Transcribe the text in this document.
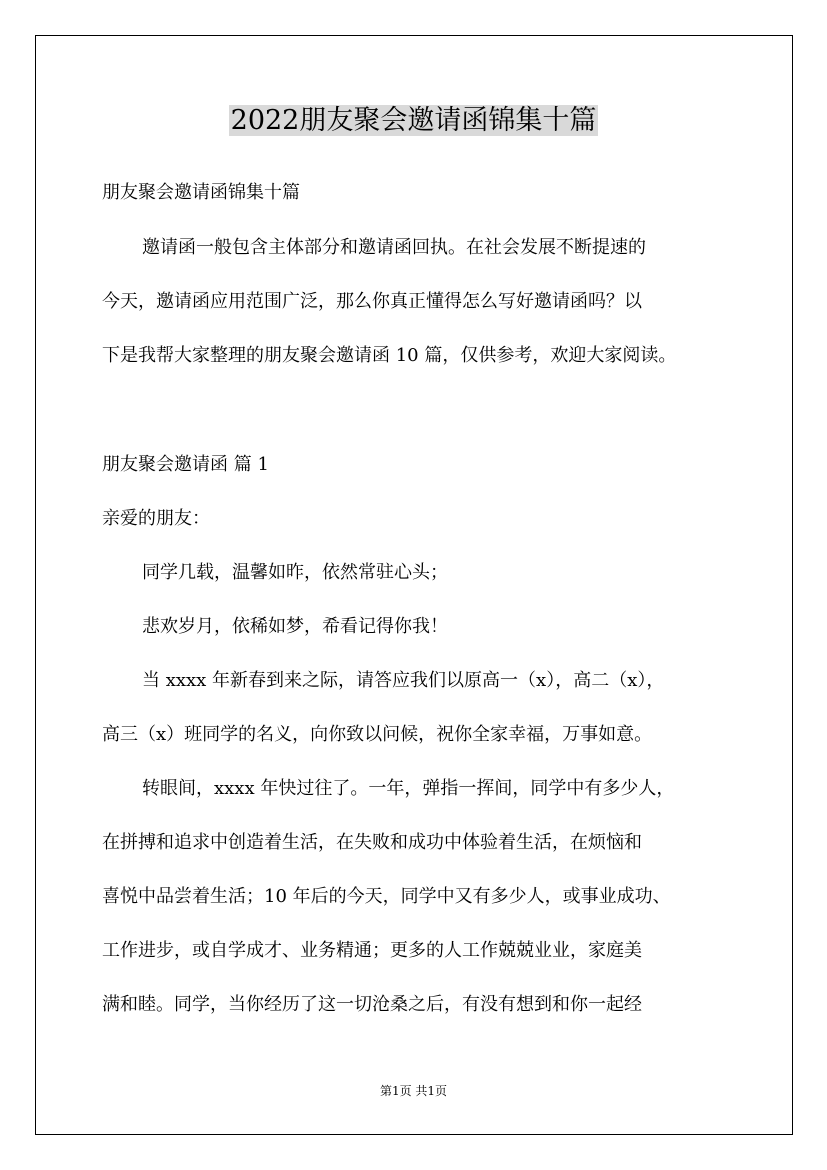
2022朋友聚会邀请函锦集十篇
朋友聚会邀请函锦集十篇
邀请函一般包含主体部分和邀请函回执。在社会发展不断提速的
今天，邀请函应用范围广泛，那么你真正懂得怎么写好邀请函吗？以
下是我帮大家整理的朋友聚会邀请函 10 篇，仅供参考，欢迎大家阅读。
朋友聚会邀请函 篇 1
亲爱的朋友：
同学几载，温馨如昨，依然常驻心头；
悲欢岁月，依稀如梦，希看记得你我！
当 xxxx 年新春到来之际，请答应我们以原高一（x），高二（x），
高三（x）班同学的名义，向你致以问候，祝你全家幸福，万事如意。
转眼间，xxxx 年快过往了。一年，弹指一挥间，同学中有多少人，
在拼搏和追求中创造着生活，在失败和成功中体验着生活，在烦恼和
喜悦中品尝着生活；10 年后的今天，同学中又有多少人，或事业成功、
工作进步，或自学成才、业务精通；更多的人工作兢兢业业，家庭美
满和睦。同学，当你经历了这一切沧桑之后，有没有想到和你一起经
第1页 共1页
